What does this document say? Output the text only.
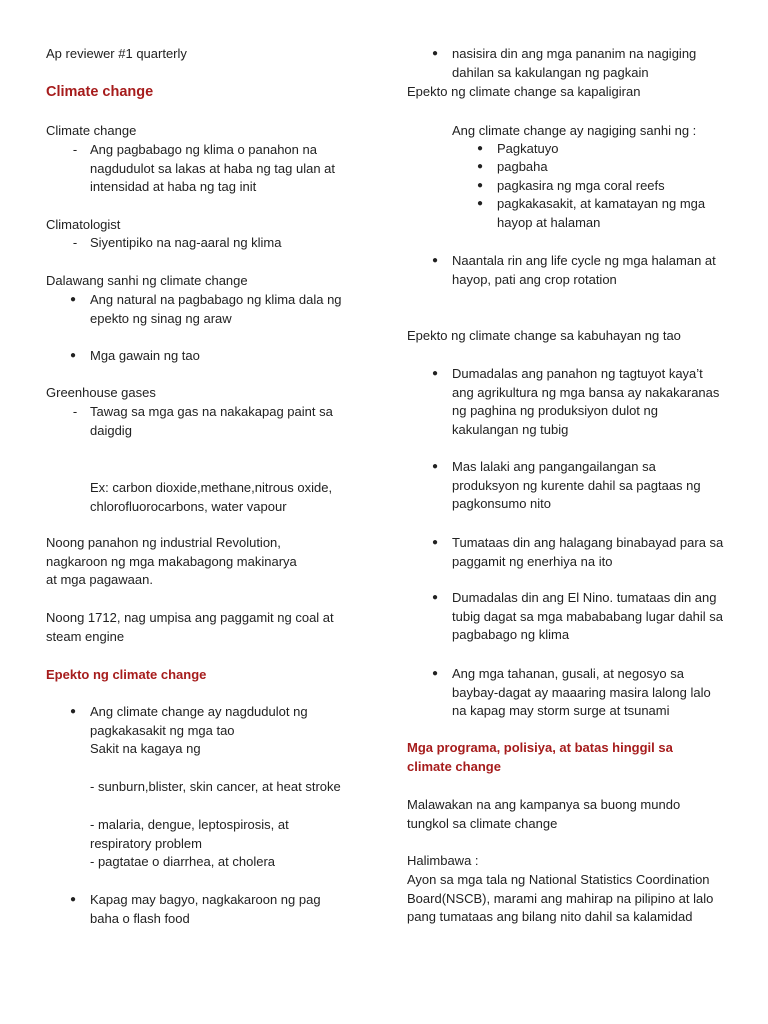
Ap reviewer #1 quarterly

Climate change

Climate change

- Ang pagbabago ng klima o panahon na nagdudulot sa lakas at haba ng tag ulan at intensidad at haba ng tag init

Climatologist

- Siyentipiko na nag-aaral ng klima

Dalawang sanhi ng climate change

●	Ang natural na pagbabago ng klima dala ng epekto ng sinag ng araw
●	Mga gawain ng tao

Greenhouse gases

- Tawag sa mga gas na nakakapag paint sa daigdig

Ex: carbon dioxide,methane,nitrous oxide, chlorofluorocarbons, water vapour

Noong panahon ng industrial Revolution, nagkaroon ng mga makabagong makinarya at mga pagawaan.

Noong 1712, nag umpisa ang paggamit ng coal at steam engine

Epekto ng climate change

●	Ang climate change ay nagdudulot ng pagkakasakit ng mga tao
Sakit na kagaya ng

- sunburn,blister, skin cancer, at heat stroke

- malaria, dengue, leptospirosis, at respiratory problem

- pagtatae o diarrhea, at cholera

●	Kapag may bagyo, nagkakaroon ng pag baha o flash food
●	nasisira din ang mga pananim na nagiging dahilan sa kakulangan ng pagkain

Epekto ng climate change sa kapaligiran

Ang climate change ay nagiging sanhi ng :

●	Pagkatuyo
●	pagbaha
●	pagkasira ng mga coral reefs
●	pagkakasakit, at kamatayan ng mga hayop at halaman
●	Naantala rin ang life cycle ng mga halaman at hayop, pati ang crop rotation

Epekto ng climate change sa kabuhayan ng tao

●	Dumadalas ang panahon ng tagtuyot kaya’t ang agrikultura ng mga bansa ay nakakaranas ng paghina ng produksiyon dulot ng kakulangan ng tubig
●	Mas lalaki ang pangangailangan sa produksyon ng kurente dahil sa pagtaas ng pagkonsumo nito
●	Tumataas din ang halagang binabayad para sa paggamit ng enerhiya na ito
●	Dumadalas din ang El Nino. tumataas din ang tubig dagat sa mga mabababang lugar dahil sa pagbabago ng klima
●	Ang mga tahanan, gusali, at negosyo sa baybay-dagat ay maaaring masira lalong lalo na kapag may storm surge at tsunami

Mga programa, polisiya, at batas hinggil sa climate change

Malawakan na ang kampanya sa buong mundo tungkol sa climate change

Halimbawa :

Ayon sa mga tala ng National Statistics Coordination Board(NSCB), marami ang mahirap na pilipino at lalo pang tumataas ang bilang nito dahil sa kalamidad
